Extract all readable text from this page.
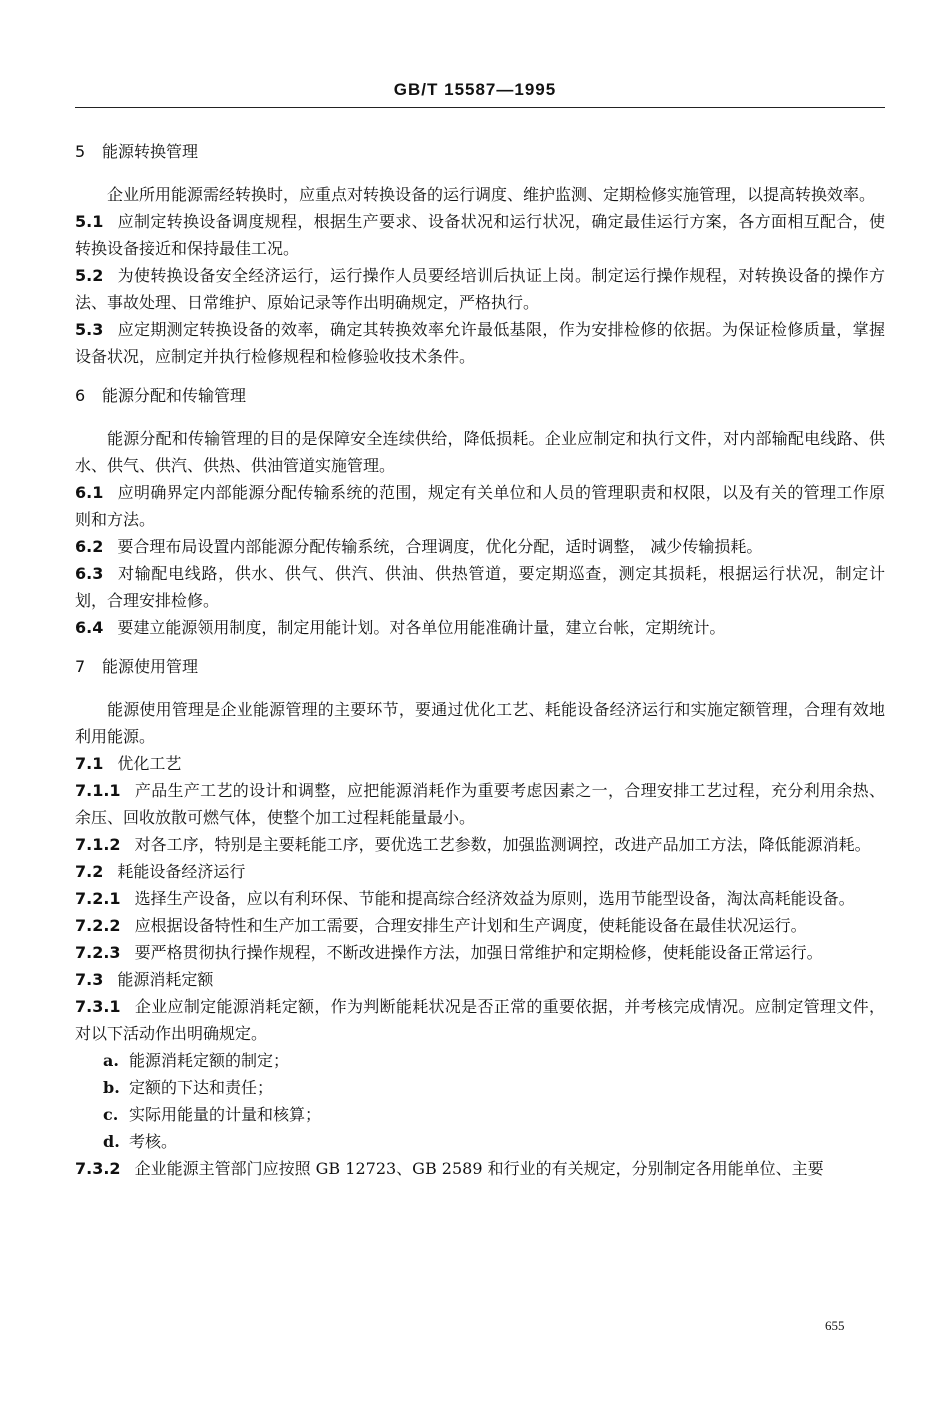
GB/T 15587—1995
5 能源转换管理

企业所用能源需经转换时，应重点对转换设备的运行调度、维护监测、定期检修实施管理，以提高转换效率。

5.1 应制定转换设备调度规程，根据生产要求、设备状况和运行状况，确定最佳运行方案，各方面相互配合，使转换设备接近和保持最佳工况。

5.2 为使转换设备安全经济运行，运行操作人员要经培训后执证上岗。制定运行操作规程，对转换设备的操作方法、事故处理、日常维护、原始记录等作出明确规定，严格执行。

5.3 应定期测定转换设备的效率，确定其转换效率允许最低基限，作为安排检修的依据。为保证检修质量，掌握设备状况，应制定并执行检修规程和检修验收技术条件。

6 能源分配和传输管理

能源分配和传输管理的目的是保障安全连续供给，降低损耗。企业应制定和执行文件，对内部输配电线路、供水、供气、供汽、供热、供油管道实施管理。

6.1 应明确界定内部能源分配传输系统的范围，规定有关单位和人员的管理职责和权限，以及有关的管理工作原则和方法。

6.2 要合理布局设置内部能源分配传输系统，合理调度，优化分配，适时调整， 减少传输损耗。

6.3 对输配电线路，供水、供气、供汽、供油、供热管道，要定期巡查，测定其损耗，根据运行状况，制定计划，合理安排检修。

6.4 要建立能源领用制度，制定用能计划。对各单位用能准确计量，建立台帐，定期统计。

7 能源使用管理

能源使用管理是企业能源管理的主要环节，要通过优化工艺、耗能设备经济运行和实施定额管理，合理有效地利用能源。

7.1 优化工艺

7.1.1 产品生产工艺的设计和调整，应把能源消耗作为重要考虑因素之一，合理安排工艺过程，充分利用余热、余压、回收放散可燃气体，使整个加工过程耗能量最小。

7.1.2 对各工序，特别是主要耗能工序，要优选工艺参数，加强监测调控，改进产品加工方法，降低能源消耗。

7.2 耗能设备经济运行

7.2.1 选择生产设备，应以有利环保、节能和提高综合经济效益为原则，选用节能型设备，淘汰高耗能设备。

7.2.2 应根据设备特性和生产加工需要，合理安排生产计划和生产调度，使耗能设备在最佳状况运行。

7.2.3 要严格贯彻执行操作规程，不断改进操作方法，加强日常维护和定期检修，使耗能设备正常运行。

7.3 能源消耗定额

7.3.1 企业应制定能源消耗定额，作为判断能耗状况是否正常的重要依据，并考核完成情况。应制定管理文件，对以下活动作出明确规定。

a. 能源消耗定额的制定；

b. 定额的下达和责任；

c. 实际用能量的计量和核算；

d. 考核。

7.3.2 企业能源主管部门应按照 GB 12723、GB 2589 和行业的有关规定，分别制定各用能单位、主要

655
